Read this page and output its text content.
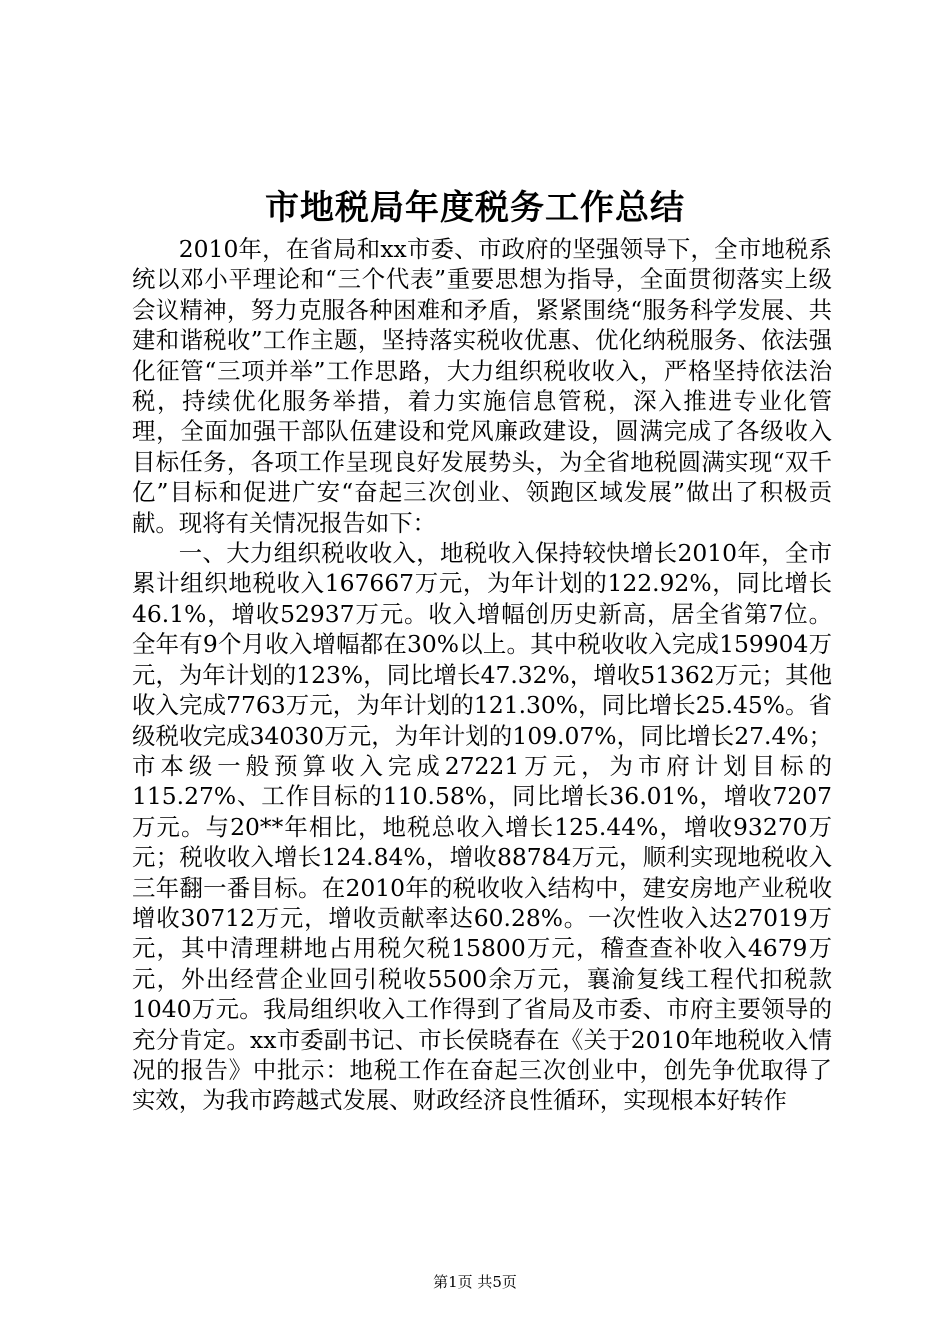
市地税局年度税务工作总结

2010年，在省局和xx市委、市政府的坚强领导下，全市地税系统以邓小平理论和“三个代表”重要思想为指导，全面贯彻落实上级会议精神，努力克服各种困难和矛盾，紧紧围绕“服务科学发展、共建和谐税收”工作主题，坚持落实税收优惠、优化纳税服务、依法强化征管“三项并举”工作思路，大力组织税收收入，严格坚持依法治税，持续优化服务举措，着力实施信息管税，深入推进专业化管理，全面加强干部队伍建设和党风廉政建设，圆满完成了各级收入目标任务，各项工作呈现良好发展势头，为全省地税圆满实现“双千亿”目标和促进广安“奋起三次创业、领跑区域发展”做出了积极贡献。现将有关情况报告如下：

一、大力组织税收收入，地税收入保持较快增长2010年，全市累计组织地税收入167667万元，为年计划的122.92%，同比增长46.1%，增收52937万元。收入增幅创历史新高，居全省第7位。全年有9个月收入增幅都在30%以上。其中税收收入完成159904万元，为年计划的123%，同比增长47.32%，增收51362万元；其他收入完成7763万元，为年计划的121.30%，同比增长25.45%。省级税收完成34030万元，为年计划的109.07%，同比增长27.4%；市本级一般预算收入完成27221万元，为市府计划目标的115.27%、工作目标的110.58%，同比增长36.01%，增收7207万元。与20**年相比，地税总收入增长125.44%，增收93270万元；税收收入增长124.84%，增收88784万元，顺利实现地税收入三年翻一番目标。在2010年的税收收入结构中，建安房地产业税收增收30712万元，增收贡献率达60.28%。一次性收入达27019万元，其中清理耕地占用税欠税15800万元，稽查查补收入4679万元，外出经营企业回引税收5500余万元，襄渝复线工程代扣税款1040万元。我局组织收入工作得到了省局及市委、市府主要领导的充分肯定。xx市委副书记、市长侯晓春在《关于2010年地税收入情况的报告》中批示：地税工作在奋起三次创业中，创先争优取得了实效，为我市跨越式发展、财政经济良性循环，实现根本好转作

第1页 共5页
